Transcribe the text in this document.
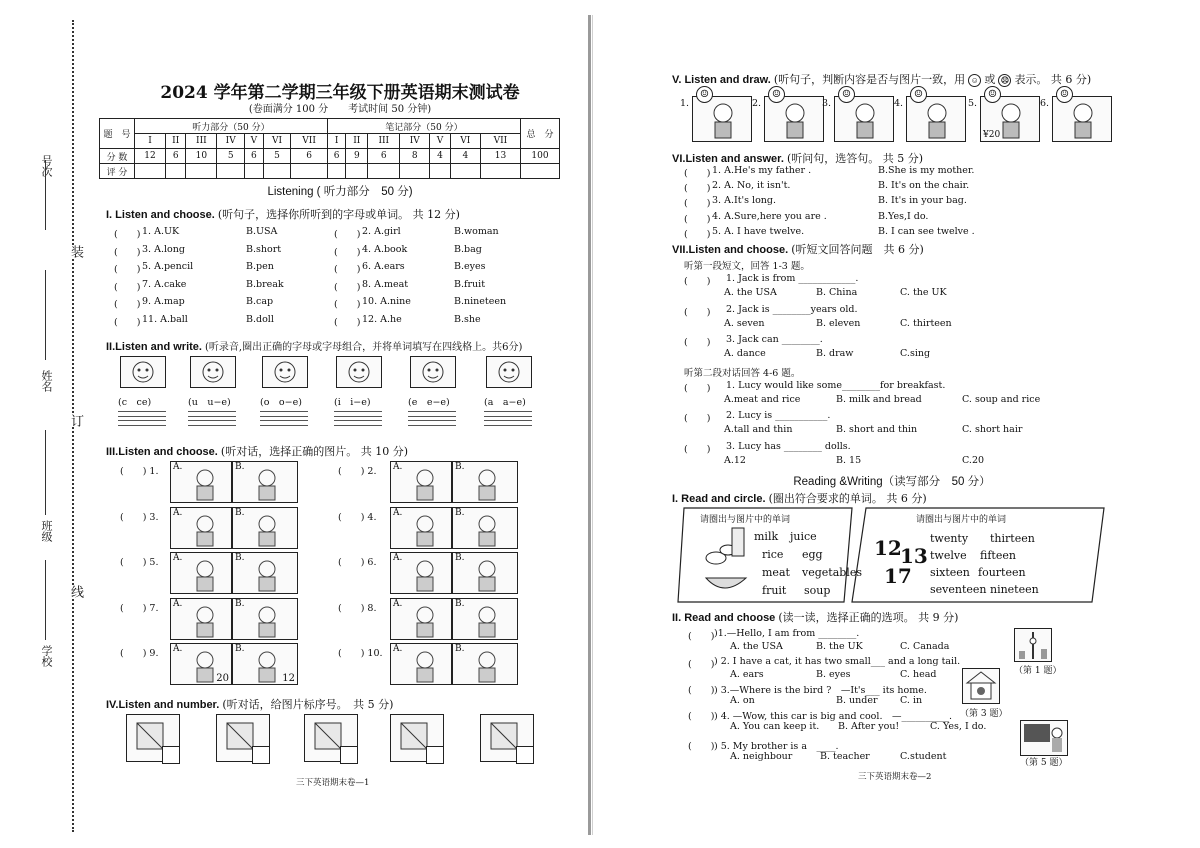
号次
姓名
班级
学校
装
订
线
2024 学年第二学期三年级下册英语期末测试卷
(卷面满分 100 分　　考试时间 50 分钟)
题　号	听力部分（50 分）							笔记部分（50 分）							总　分
	I	II	III	IV	V	VI	VII	I	II	III	IV	V	VI	VII	
分 数	12	6	10	5	6	5	6	6	9	6	8	4	4	13	100
评 分															
Listening ( 听力部分　50 分)
I. Listen and choose. (听句子，选择你所听到的字母或单词。 共 12 分)
(　　) 1. A.UK	B.USA	(　　) 2. A.girl	B.woman
(　　) 3. A.long	B.short	(　　) 4. A.book	B.bag
(　　) 5. A.pencil	B.pen	(　　) 6. A.ears	B.eyes
(　　) 7. A.cake	B.break	(　　) 8. A.meat	B.fruit
(　　) 9. A.map	B.cap	(　　) 10. A.nine	B.nineteen
(　　) 11. A.ball	B.doll	(　　) 12. A.he	B.she
II.Listen and write. (听录音,圈出正确的字母或字母组合，并将单词填写在四线格上。共6分)
(c　ce)	(u　u−e)	(o　o−e)	(i　i−e)	(e　e−e)	(a　a−e)
III.Listen and choose. (听对话，选择正确的图片。 共 10 分)
(　　) 1. A.	B.	(　　) 2. A.	B.
(　　) 3. A.	B.	(　　) 4. A.	B.
(　　) 5. A.	B.	(　　) 6. A.	B.
(　　) 7. A.	B.	(　　) 8. A.	B.
(　　) 9. A.
20
B.
12
(　　) 10. A.	B.
IV.Listen and number. (听对话，给图片标序号。　共 5 分)
三下英语期末卷—1
V. Listen and draw. (听句子，判断内容是否与图片一致，用 ☺ 或 ☹ 表示。 共 6 分)
1.
☺
2.
☺
3.
☺
4.
☺
5.
¥20
☺
6.
☺
VI.Listen and answer. (听问句，选答句。 共 5 分)
(　　) 1. A.He's my father .	B.She is my mother.
(　　) 2. A. No, it isn't.	B. It's on the chair.
(　　) 3. A.It's long.	B. It's in your bag.
(　　) 4. A.Sure,here you are .	B.Yes,I do.
(　　) 5. A. I have twelve.	B. I can see twelve .
VII.Listen and choose. (听短文回答问题　共 6 分)
听第一段短文，回答 1-3 题。
听第二段对话回答 4-6 题。
(　　) 1. Jack is from ____________.
A. the USA	B. China	C. the UK
(　　) 2. Jack is ________years old.
A. seven	B. eleven	C. thirteen
(　　) 3. Jack can ________.
A. dance	B. draw	C.sing
(　　) 1. Lucy would like some________for breakfast.
A.meat and rice	B. milk and bread	C. soup and rice
(　　) 2. Lucy is ___________.
A.tall and thin	B. short and thin	C. short hair
(　　) 3. Lucy has ________ dolls.
A.12	B. 15	C.20
Reading &Writing（读写部分　50 分）
I. Read and circle. (圈出符合要求的单词。 共 6 分)
请圈出与图片中的单词	请圈出与图片中的单词
milk juice
rice egg
meat vegetables
fruit soup
12
13
17
twenty thirteen
twelve fifteen
sixteen fourteen
seventeen nineteen
II. Read and choose (读一读，选择正确的选项。 共 9 分)
(　　) )1.—Hello, I am from ________.
A. the USA	B. the UK	C. Canada
(　　) ) 2. I have a cat, it has two small___ and a long tail.
A. ears	B. eyes	C. head
(　　) ) 3.—Where is the bird ?　—It's___ its home.
A. on	B. under C. in
(　　) ) 4. —Wow, this car is big and cool.　—__________.
A. You can keep it. B. After you!	C. Yes, I do.
(　　) ) 5. My brother is a　____.
A. neighbour	B. teacher	C.student
（第 1 题）
（第 3 题）
（第 5 题）
三下英语期末卷—2
